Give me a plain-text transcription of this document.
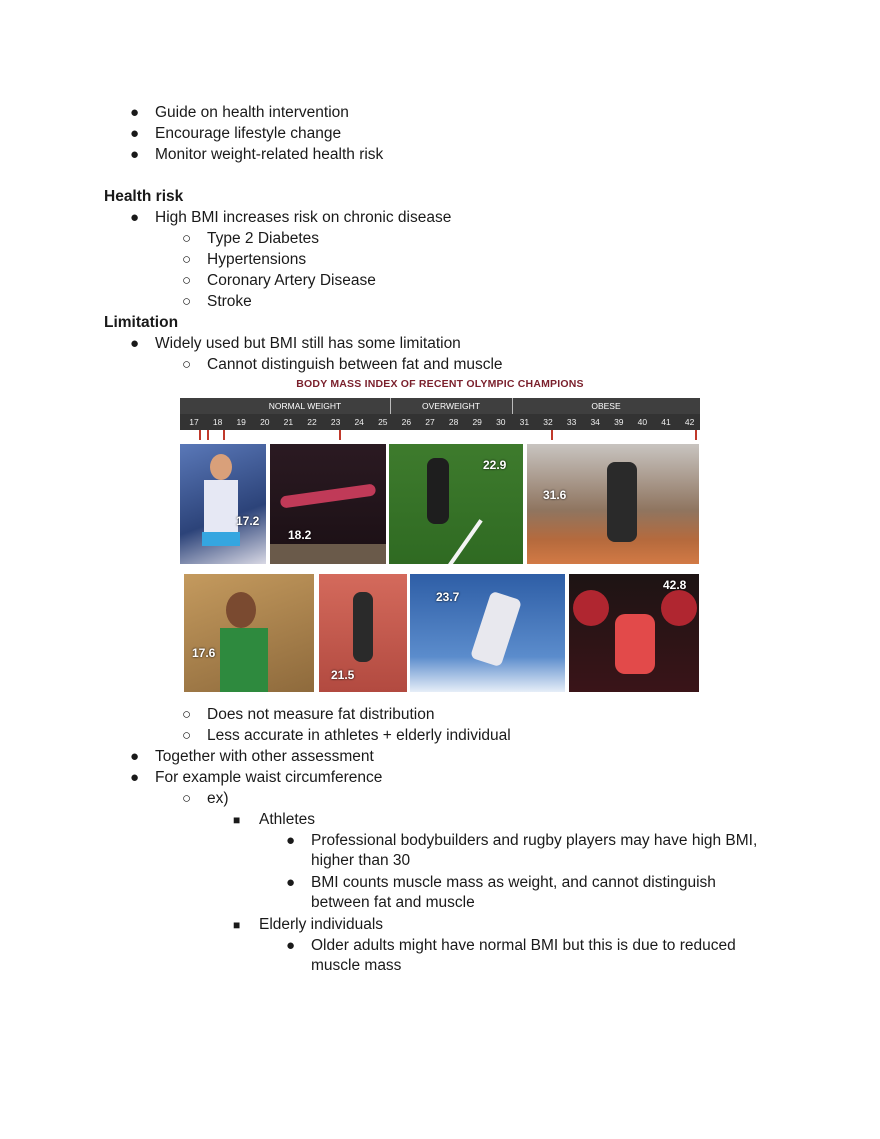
● Guide on health intervention
● Encourage lifestyle change
● Monitor weight-related health risk
Health risk
● High BMI increases risk on chronic disease
○ Type 2 Diabetes
○ Hypertensions
○ Coronary Artery Disease
○ Stroke
Limitation
● Widely used but BMI still has some limitation
○ Cannot distinguish between fat and muscle
BODY MASS INDEX OF RECENT OLYMPIC CHAMPIONS
NORMAL WEIGHT	OVERWEIGHT	OBESE
17	18	19	20	21	22	23	24	25	26	27	28	29	30	31	32	33	34	39	40	41	42
17.2
18.2
22.9
31.6
17.6
21.5
23.7
42.8
○ Does not measure fat distribution
○ Less accurate in athletes + elderly individual
● Together with other assessment
● For example waist circumference
○ ex)
■ Athletes
● Professional bodybuilders and rugby players may have high BMI, higher than 30
● BMI counts muscle mass as weight, and cannot distinguish between fat and muscle
■ Elderly individuals
● Older adults might have normal BMI but this is due to reduced muscle mass
